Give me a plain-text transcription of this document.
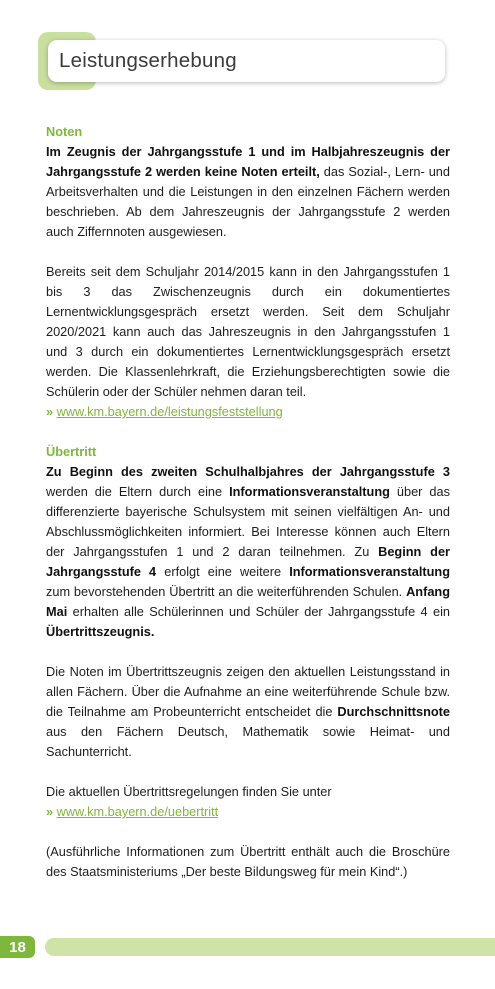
Leistungserhebung

Noten

Im Zeugnis der Jahrgangsstufe 1 und im Halbjahreszeugnis der Jahrgangsstufe 2 werden keine Noten erteilt, das Sozial-, Lern- und Arbeitsverhalten und die Leistungen in den einzelnen Fächern werden beschrieben. Ab dem Jahreszeugnis der Jahrgangsstufe 2 werden auch Ziffernnoten ausgewiesen.

Bereits seit dem Schuljahr 2014/2015 kann in den Jahrgangsstufen 1 bis 3 das Zwischenzeugnis durch ein dokumentiertes Lernentwicklungsgespräch ersetzt werden. Seit dem Schuljahr 2020/2021 kann auch das Jahreszeugnis in den Jahrgangsstufen 1 und 3 durch ein dokumentiertes Lernentwicklungsgespräch ersetzt werden. Die Klassenlehrkraft, die Erziehungsberechtigten sowie die Schülerin oder der Schüler nehmen daran teil.

» www.km.bayern.de/leistungsfeststellung

Übertritt

Zu Beginn des zweiten Schulhalbjahres der Jahrgangsstufe 3 werden die Eltern durch eine Informationsveranstaltung über das differenzierte bayerische Schulsystem mit seinen vielfältigen An- und Abschlussmöglichkeiten informiert. Bei Interesse können auch Eltern der Jahrgangsstufen 1 und 2 daran teilnehmen. Zu Beginn der Jahrgangsstufe 4 erfolgt eine weitere Informationsveranstaltung zum bevorstehenden Übertritt an die weiterführenden Schulen. Anfang Mai erhalten alle Schülerinnen und Schüler der Jahrgangsstufe 4 ein Übertrittszeugnis.

Die Noten im Übertrittszeugnis zeigen den aktuellen Leistungsstand in allen Fächern. Über die Aufnahme an eine weiterführende Schule bzw. die Teilnahme am Probeunterricht entscheidet die Durchschnittsnote aus den Fächern Deutsch, Mathematik sowie Heimat- und Sachunterricht.

Die aktuellen Übertrittsregelungen finden Sie unter
» www.km.bayern.de/uebertritt

(Ausführliche Informationen zum Übertritt enthält auch die Broschüre des Staatsministeriums „Der beste Bildungsweg für mein Kind“.)

18
